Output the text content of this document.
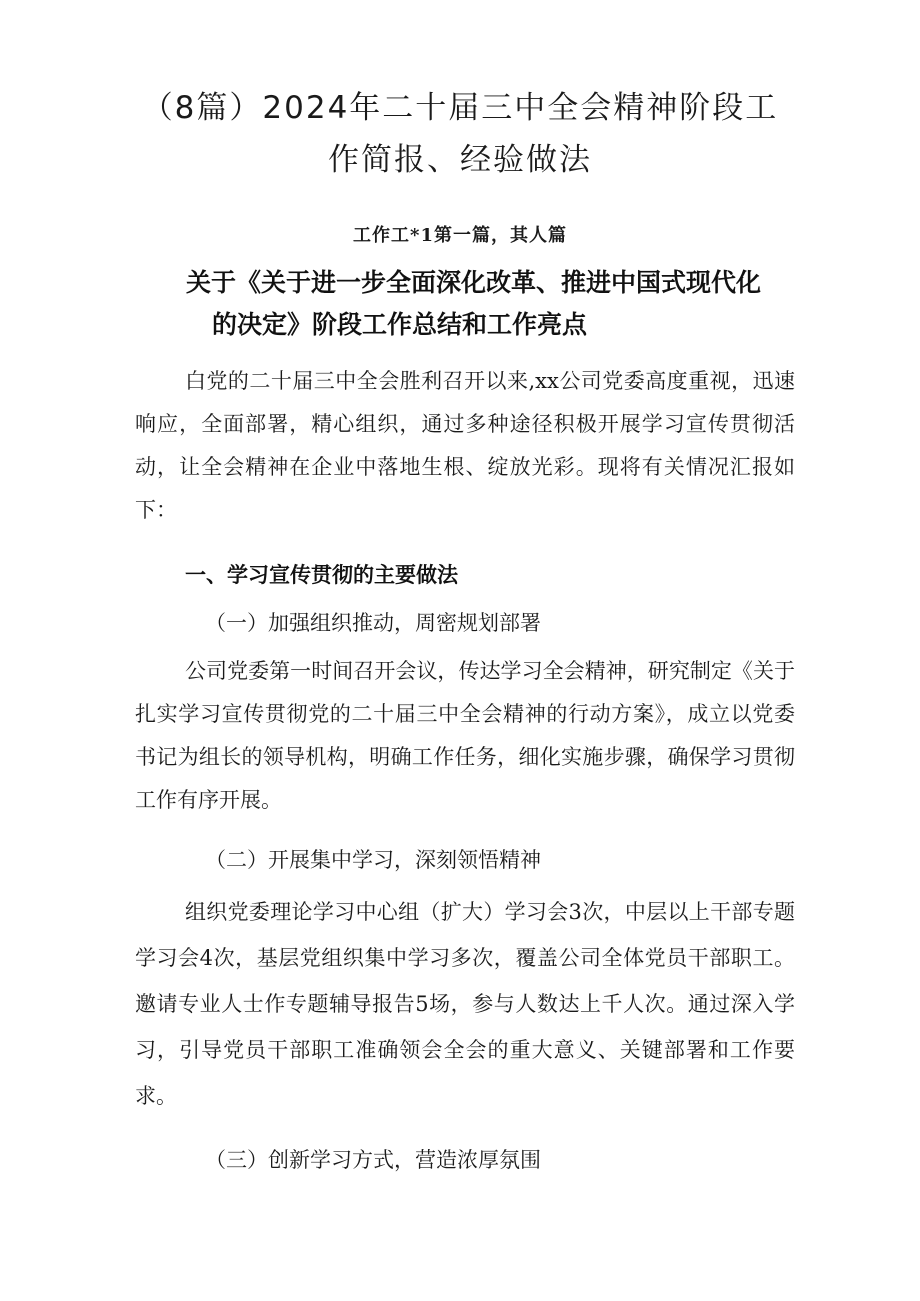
（8篇）2024年二十届三中全会精神阶段工
作简报、经验做法
工作工*1第一篇，其人篇
关于《关于进一步全面深化改革、推进中国式现代化
的决定》阶段工作总结和工作亮点

白党的二十届三中全会胜利召开以来,xx公司党委高度重视，迅速响应，全面部署，精心组织，通过多种途径积极开展学习宣传贯彻活动，让全会精神在企业中落地生根、绽放光彩。现将有关情况汇报如下：

一、学习宣传贯彻的主要做法
（一）加强组织推动，周密规划部署

公司党委第一时间召开会议，传达学习全会精神，研究制定《关于扎实学习宣传贯彻党的二十届三中全会精神的行动方案》，成立以党委书记为组长的领导机构，明确工作任务，细化实施步骤，确保学习贯彻工作有序开展。

（二）开展集中学习，深刻领悟精神

组织党委理论学习中心组（扩大）学习会3次，中层以上干部专题学习会4次，基层党组织集中学习多次，覆盖公司全体党员干部职工。邀请专业人士作专题辅导报告5场，参与人数达上千人次。通过深入学习，引导党员干部职工准确领会全会的重大意义、关键部署和工作要求。

（三）创新学习方式，营造浓厚氛围
